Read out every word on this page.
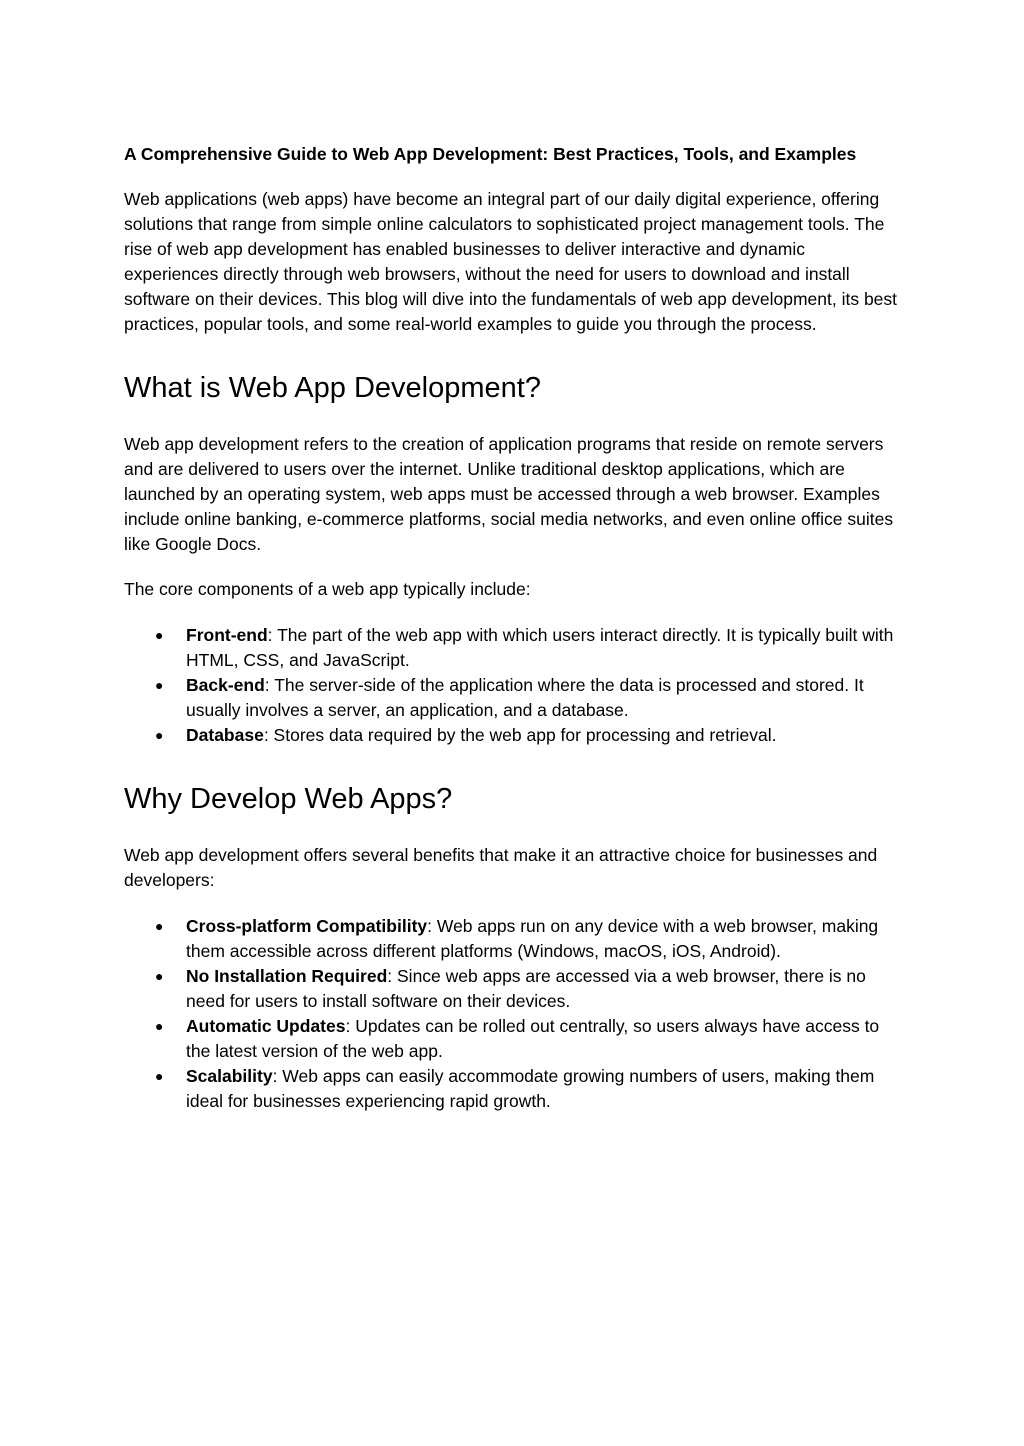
A Comprehensive Guide to Web App Development: Best Practices, Tools, and Examples

Web applications (web apps) have become an integral part of our daily digital experience, offering solutions that range from simple online calculators to sophisticated project management tools. The rise of web app development has enabled businesses to deliver interactive and dynamic experiences directly through web browsers, without the need for users to download and install software on their devices. This blog will dive into the fundamentals of web app development, its best practices, popular tools, and some real-world examples to guide you through the process.

What is Web App Development?

Web app development refers to the creation of application programs that reside on remote servers and are delivered to users over the internet. Unlike traditional desktop applications, which are launched by an operating system, web apps must be accessed through a web browser. Examples include online banking, e-commerce platforms, social media networks, and even online office suites like Google Docs.

The core components of a web app typically include:

● Front-end: The part of the web app with which users interact directly. It is typically built with HTML, CSS, and JavaScript.
● Back-end: The server-side of the application where the data is processed and stored. It usually involves a server, an application, and a database.
● Database: Stores data required by the web app for processing and retrieval.
Why Develop Web Apps?

Web app development offers several benefits that make it an attractive choice for businesses and developers:

● Cross-platform Compatibility: Web apps run on any device with a web browser, making them accessible across different platforms (Windows, macOS, iOS, Android).
● No Installation Required: Since web apps are accessed via a web browser, there is no need for users to install software on their devices.
● Automatic Updates: Updates can be rolled out centrally, so users always have access to the latest version of the web app.
● Scalability: Web apps can easily accommodate growing numbers of users, making them ideal for businesses experiencing rapid growth.
